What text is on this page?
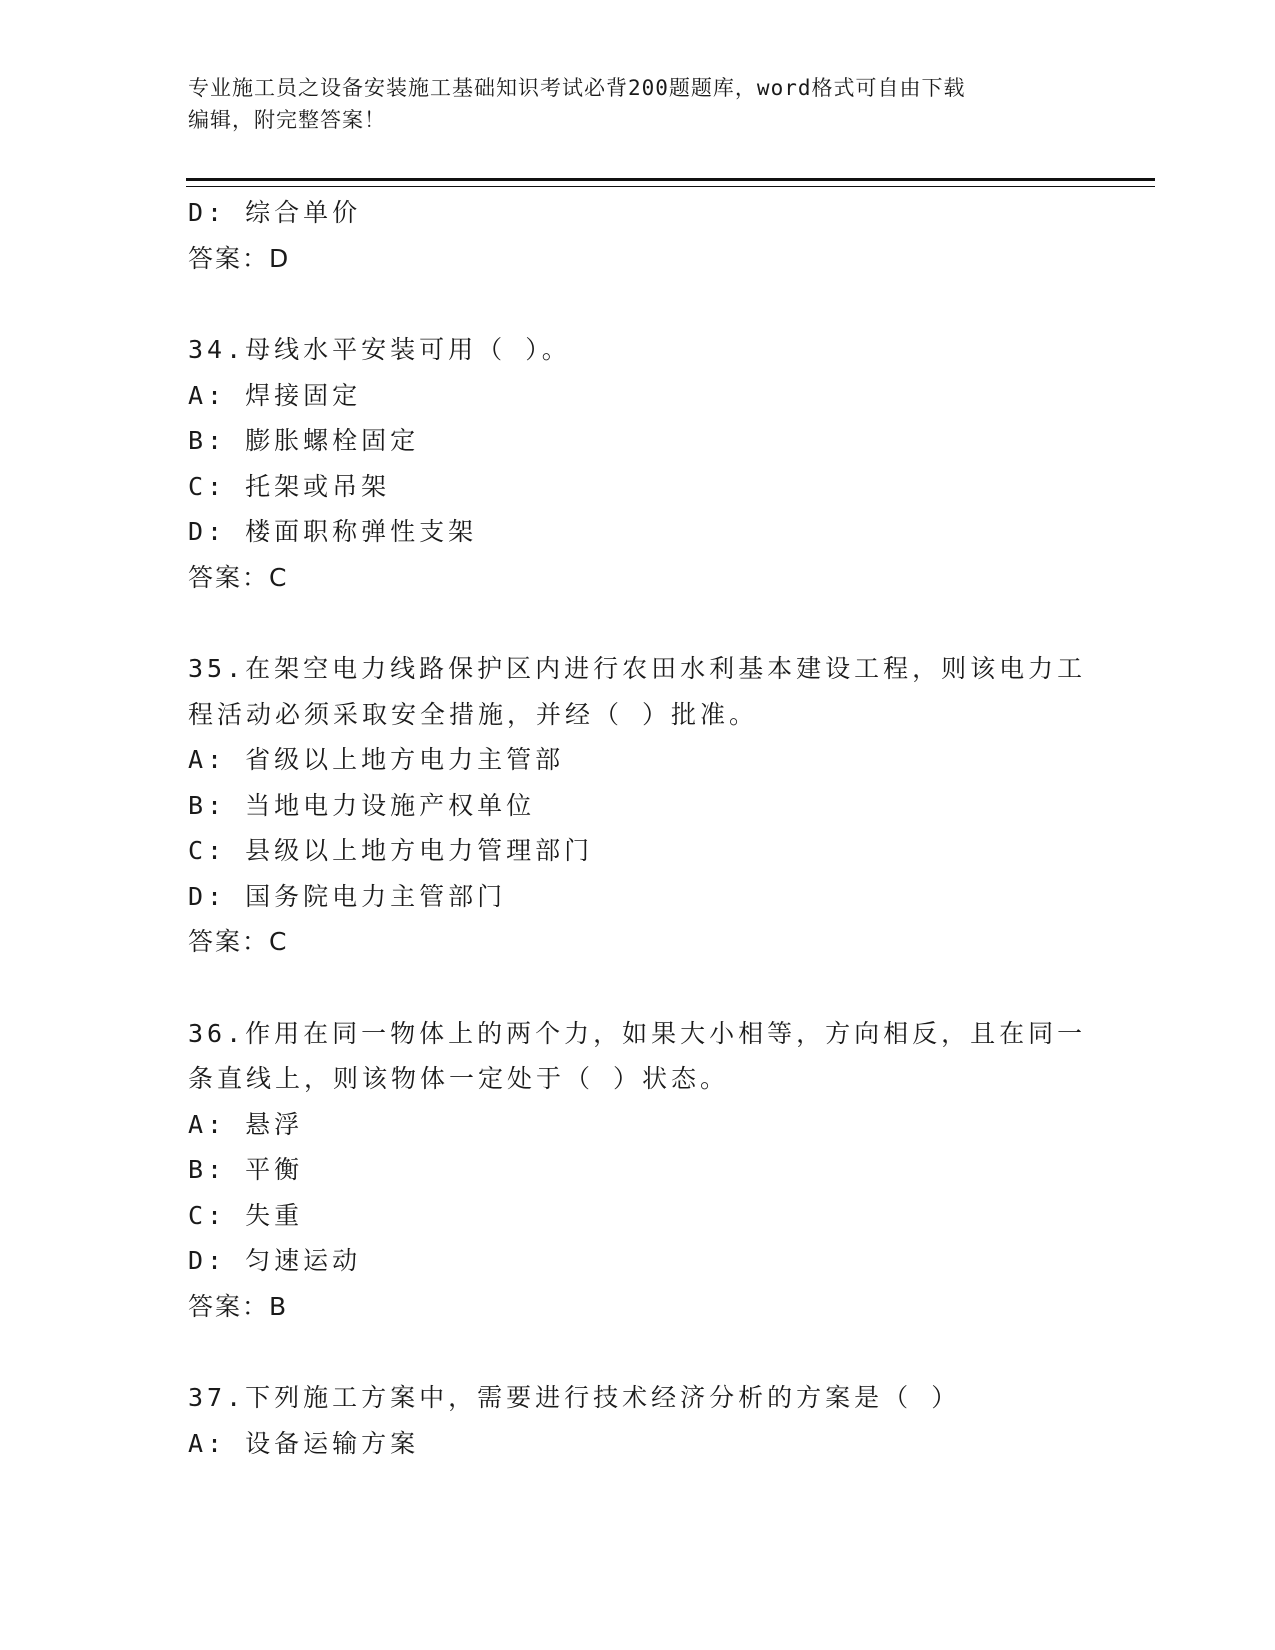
专业施工员之设备安装施工基础知识考试必背200题题库，word格式可自由下载
编辑，附完整答案！
D: 综合单价
答案：D
34.母线水平安装可用（ ）。
A: 焊接固定
B: 膨胀螺栓固定
C: 托架或吊架
D: 楼面职称弹性支架
答案：C
35.在架空电力线路保护区内进行农田水利基本建设工程，则该电力工
程活动必须采取安全措施，并经（ ）批准。
A: 省级以上地方电力主管部
B: 当地电力设施产权单位
C: 县级以上地方电力管理部门
D: 国务院电力主管部门
答案：C
36.作用在同一物体上的两个力，如果大小相等，方向相反，且在同一
条直线上，则该物体一定处于（ ）状态。
A: 悬浮
B: 平衡
C: 失重
D: 匀速运动
答案：B
37.下列施工方案中，需要进行技术经济分析的方案是（ ）
A: 设备运输方案
